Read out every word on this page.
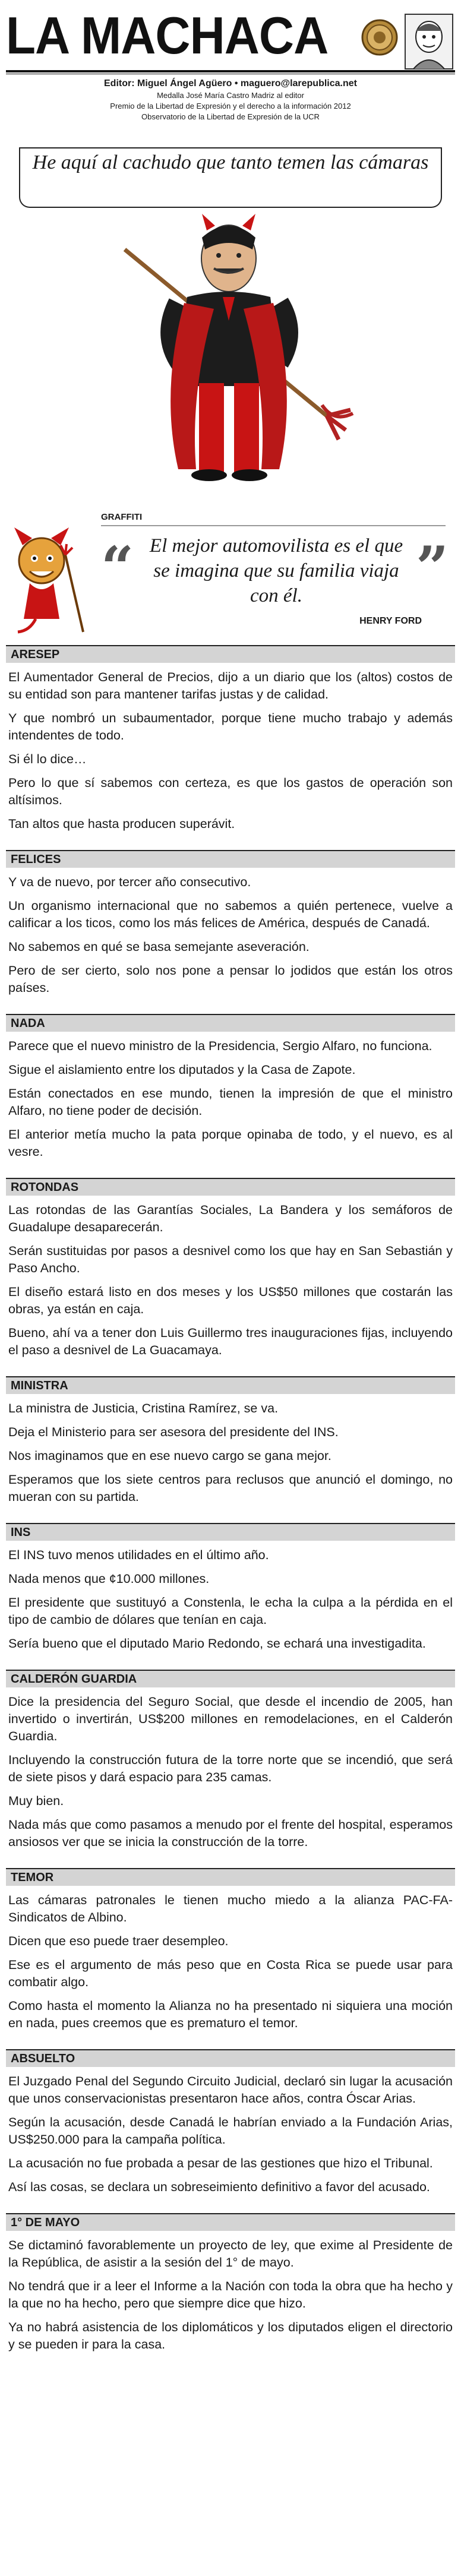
LA MACHACA
Editor: Miguel Ángel Agüero • maguero@larepublica.net
Medalla José María Castro Madriz al editor
Premio de la Libertad de Expresión y el derecho a la información 2012
Observatorio de la Libertad de Expresión de la UCR
He aquí al cachudo que tanto temen las cámaras
GRAFFITI
“ El mejor automovilista es el que se imagina que su familia viaja con él.	”
HENRY FORD
ARESEP

El Aumentador General de Precios, dijo a un diario que los (altos) costos de su entidad son para mantener tarifas justas y de calidad.

Y que nombró un subaumentador, porque tiene mucho trabajo y además intendentes de todo.

Si él lo dice…

Pero lo que sí sabemos con certeza, es que los gastos de operación son altísimos.

Tan altos que hasta producen superávit.

FELICES

Y va de nuevo, por tercer año consecutivo.

Un organismo internacional que no sabemos a quién pertenece, vuelve a calificar a los ticos, como los más felices de América, después de Canadá.

No sabemos en qué se basa semejante aseveración.

Pero de ser cierto, solo nos pone a pensar lo jodidos que están los otros países.

NADA

Parece que el nuevo ministro de la Presidencia, Sergio Alfaro, no funciona.

Sigue el aislamiento entre los diputados y la Casa de Zapote.

Están conectados en ese mundo, tienen la impresión de que el ministro Alfaro, no tiene poder de decisión.

El anterior metía mucho la pata porque opinaba de todo, y el nuevo, es al vesre.

ROTONDAS

Las rotondas de las Garantías Sociales, La Bandera y los semáforos de Guadalupe desaparecerán.

Serán sustituidas por pasos a desnivel como los que hay en San Sebastián y Paso Ancho.

El diseño estará listo en dos meses y los US$50 millones que costarán las obras, ya están en caja.

Bueno, ahí va a tener don Luis Guillermo tres inauguraciones fijas, incluyendo el paso a desnivel de La Guacamaya.

MINISTRA

La ministra de Justicia, Cristina Ramírez, se va.

Deja el Ministerio para ser asesora del presidente del INS.

Nos imaginamos que en ese nuevo cargo se gana mejor.

Esperamos que los siete centros para reclusos que anunció el domingo, no mueran con su partida.

INS

El INS tuvo menos utilidades en el último año.

Nada menos que ¢10.000 millones.

El presidente que sustituyó a Constenla, le echa la culpa a la pérdida en el tipo de cambio de dólares que tenían en caja.

Sería bueno que el diputado Mario Redondo, se echará una investigadita.

CALDERÓN GUARDIA

Dice la presidencia del Seguro Social, que desde el incendio de 2005, han invertido o invertirán, US$200 millones en remodelaciones, en el Calderón Guardia.

Incluyendo la construcción futura de la torre norte que se incendió, que será de siete pisos y dará espacio para 235 camas.

Muy bien.

Nada más que como pasamos a menudo por el frente del hospital, esperamos ansiosos ver que se inicia la construcción de la torre.

TEMOR

Las cámaras patronales le tienen mucho miedo a la alianza PAC-FA-Sindicatos de Albino.

Dicen que eso puede traer desempleo.

Ese es el argumento de más peso que en Costa Rica se puede usar para combatir algo.

Como hasta el momento la Alianza no ha presentado ni siquiera una moción en nada, pues creemos que es prematuro el temor.

ABSUELTO

El Juzgado Penal del Segundo Circuito Judicial, declaró sin lugar la acusación que unos conservacionistas presentaron hace años, contra Óscar Arias.

Según la acusación, desde Canadá le habrían enviado a la Fundación Arias, US$250.000 para la campaña política.

La acusación no fue probada a pesar de las gestiones que hizo el Tribunal.

Así las cosas, se declara un sobreseimiento definitivo a favor del acusado.

1° DE MAYO

Se dictaminó favorablemente un proyecto de ley, que exime al Presidente de la República, de asistir a la sesión del 1° de mayo.

No tendrá que ir a leer el Informe a la Nación con toda la obra que ha hecho y la que no ha hecho, pero que siempre dice que hizo.

Ya no habrá asistencia de los diplomáticos y los diputados eligen el directorio y se pueden ir para la casa.
